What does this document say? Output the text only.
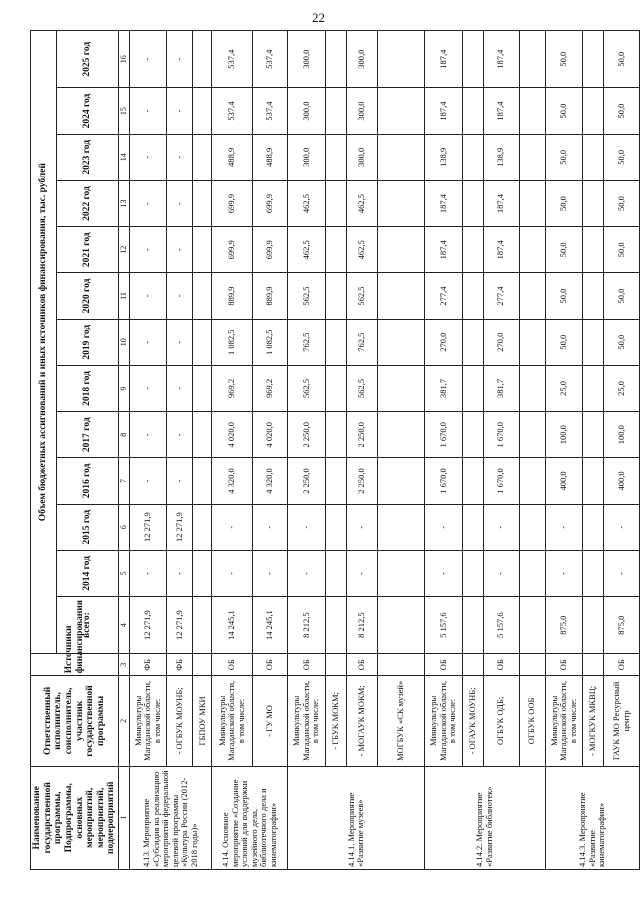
22
Наименование государственной программы, Подпрограммы, основных мероприятий, мероприятий, подмероприятий	Ответственный исполнитель, соисполнитель, участник государственной программы	Источники финансирования	Объем бюджетных ассигнований и иных источников финансирования, тыс. рублей												
			всего:	2014 год	2015 год	2016 год	2017 год	2018 год	2019 год	2020 год	2021 год	2022 год	2023 год	2024 год	2025 год
1	2	3	4	5	6	7	8	9	10	11	12	13	14	15	16
4.13. Мероприятие «Субсидия на реализацию мероприятий федеральной целевой программы «Культура России (2012-2018 годы)»	Минкультуры Магаданской области, в том числе:	ФБ	12 271,9	-	12 271,9	-	-	-	-	-	-	-	-	-	-
	- ОГБУК МОУНБ;	ФБ	12 271,9	-	12 271,9	-	-	-	-	-	-	-	-	-	-
	ГБПОУ МКИ														
4.14. Основное мероприятие «Создание условий для поддержки музейного дела, библиотечного дела и кинематографии»	Минкультуры Магаданской области, в том числе:	ОБ	14 245,1	-	-	4 320,0	4 020,0	969,2	1 082,5	889,9	699,9	699,9	488,9	537,4	537,4
	- ГУ МО	ОБ	14 245,1	-	-	4 320,0	4 020,0	969,2	1 082,5	889,9	699,9	699,9	488,9	537,4	537,4
4.14.1. Мероприятие «Развитие музеев»	Минкультуры Магаданской области, в том числе:	ОБ	8 212,5	-	-	2 250,0	2 250,0	562,5	762,5	562,5	462,5	462,5	300,0	300,0	300,0
	- ГБУК МОКМ;														
	- МОГАУК МОКМ;	ОБ	8 212,5	-	-	2 250,0	2 250,0	562,5	762,5	562,5	462,5	462,5	300,0	300,0	300,0
	МОГБУК «СК музей»														
4.14.2. Мероприятие «Развитие библиотек»	Минкультуры Магаданской области, в том числе:	ОБ	5 157,6	-	-	1 670,0	1 670,0	381,7	270,0	277,4	187,4	187,4	138,9	187,4	187,4
	- ОГАУК МОУНБ;														
	ОГБУК ОДБ;	ОБ	5 157,6	-	-	1 670,0	1 670,0	381,7	270,0	277,4	187,4	187,4	138,9	187,4	187,4
	ОГБУК ООБ														
4.14.3. Мероприятие «Развитие кинематографии»	Минкультуры Магаданской области, в том числе:	ОБ	875,0	-	-	400,0	100,0	25,0	50,0	50,0	50,0	50,0	50,0	50,0	50,0
	- МОГКУК МКВЦ;														
	ГАУК МО Ресурсный центр	ОБ	875,0	-	-	400,0	100,0	25,0	50,0	50,0	50,0	50,0	50,0	50,0	50,0
